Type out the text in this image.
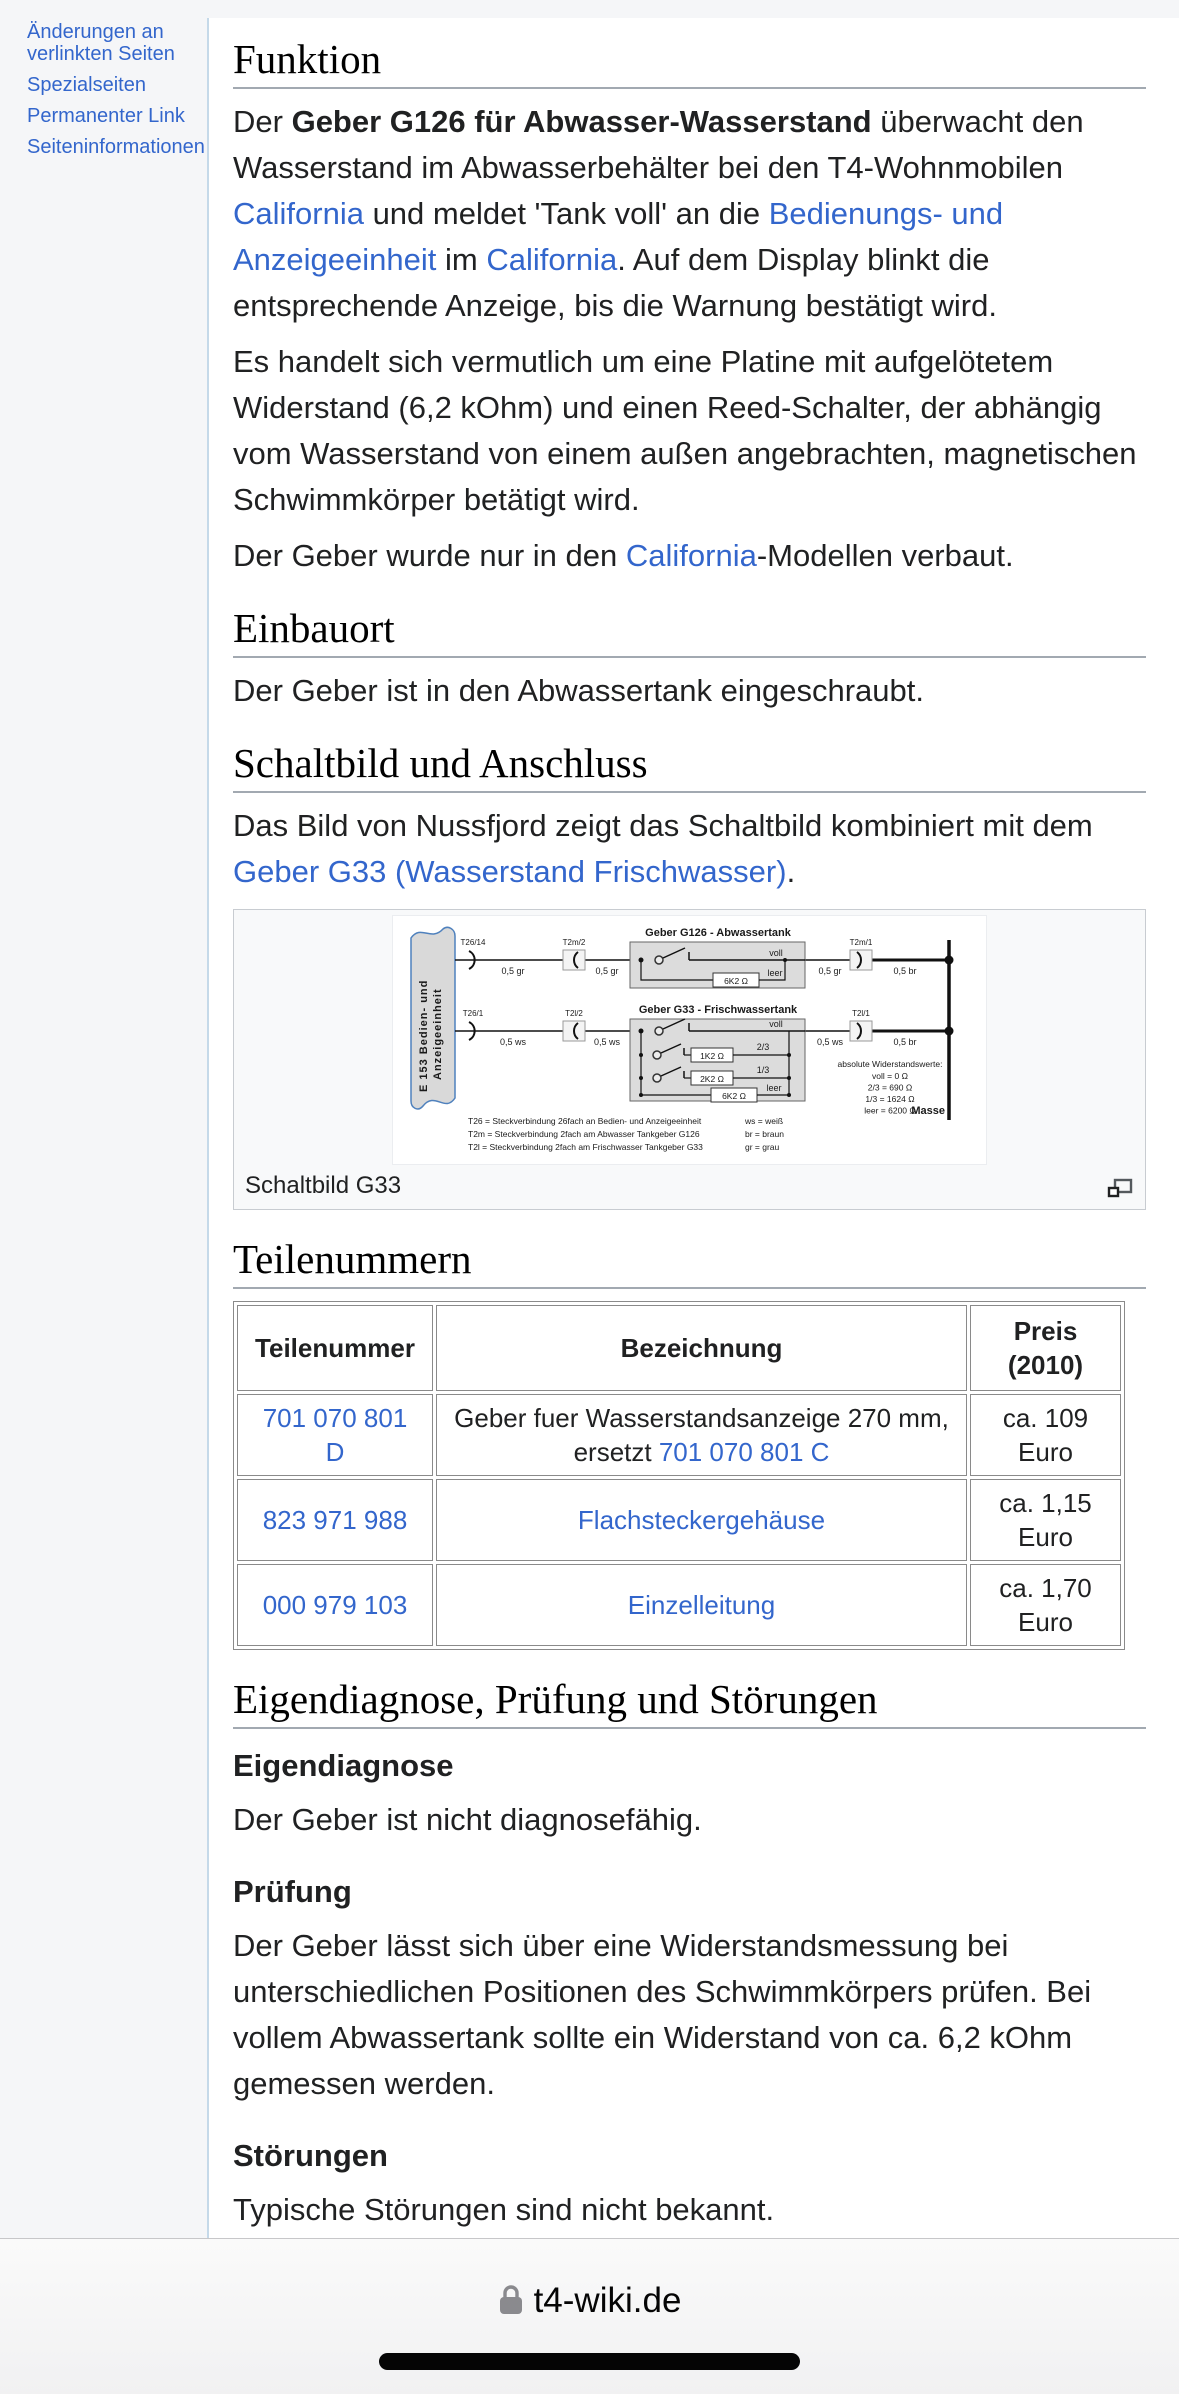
Änderungen an verlinkten Seiten
Spezialseiten
Permanenter Link
Seiteninformationen
Funktion

Der Geber G126 für Abwasser-Wasserstand überwacht den Wasserstand im Abwasserbehälter bei den T4-Wohnmobilen California und meldet 'Tank voll' an die Bedienungs- und Anzeigeeinheit im California. Auf dem Display blinkt die entsprechende Anzeige, bis die Warnung bestätigt wird.

Es handelt sich vermutlich um eine Platine mit aufgelötetem Widerstand (6,2 kOhm) und einen Reed-Schalter, der abhängig vom Wasserstand von einem außen angebrachten, magnetischen Schwimmkörper betätigt wird.

Der Geber wurde nur in den California-Modellen verbaut.

Einbauort

Der Geber ist in den Abwassertank eingeschraubt.

Schaltbild und Anschluss

Das Bild von Nussfjord zeigt das Schaltbild kombiniert mit dem Geber G33 (Wasserstand Frischwasser).

E 153 Bedien- und Anzeigeeinheit
Masse
T26/14	T2m/2	T2m/1
0,5 gr	0,5 gr	0,5 gr	0,5 br
Geber G126 - Abwassertank
voll
6K2 Ω
leer
T26/1	T2l/2	T2l/1
0,5 ws	0,5 ws	0,5 ws	0,5 br
Geber G33 - Frischwassertank
voll
1K2 Ω
2/3
2K2 Ω
1/3
6K2 Ω
leer
absolute Widerstandswerte:
voll = 0 Ω
2/3 = 690 Ω
1/3 = 1624 Ω
leer = 6200 Ω
T26 = Steckverbindung 26fach an Bedien- und Anzeigeeinheit
T2m = Steckverbindung 2fach am Abwasser Tankgeber G126
T2l = Steckverbindung 2fach am Frischwasser Tankgeber G33
ws = weiß
br = braun
gr = grau
Schaltbild G33
Teilenummern
Teilenummer	Bezeichnung	Preis (2010)
701 070 801 D	Geber fuer Wasserstandsanzeige 270 mm, ersetzt 701 070 801 C	ca. 109 Euro
823 971 988	Flachsteckergehäuse	ca. 1,15 Euro
000 979 103	Einzelleitung	ca. 1,70 Euro
Eigendiagnose, Prüfung und Störungen
Eigendiagnose

Der Geber ist nicht diagnosefähig.

Prüfung

Der Geber lässt sich über eine Widerstandsmessung bei unterschiedlichen Positionen des Schwimmkörpers prüfen. Bei vollem Abwassertank sollte ein Widerstand von ca. 6,2 kOhm gemessen werden.

Störungen

Typische Störungen sind nicht bekannt.

t4-wiki.de
